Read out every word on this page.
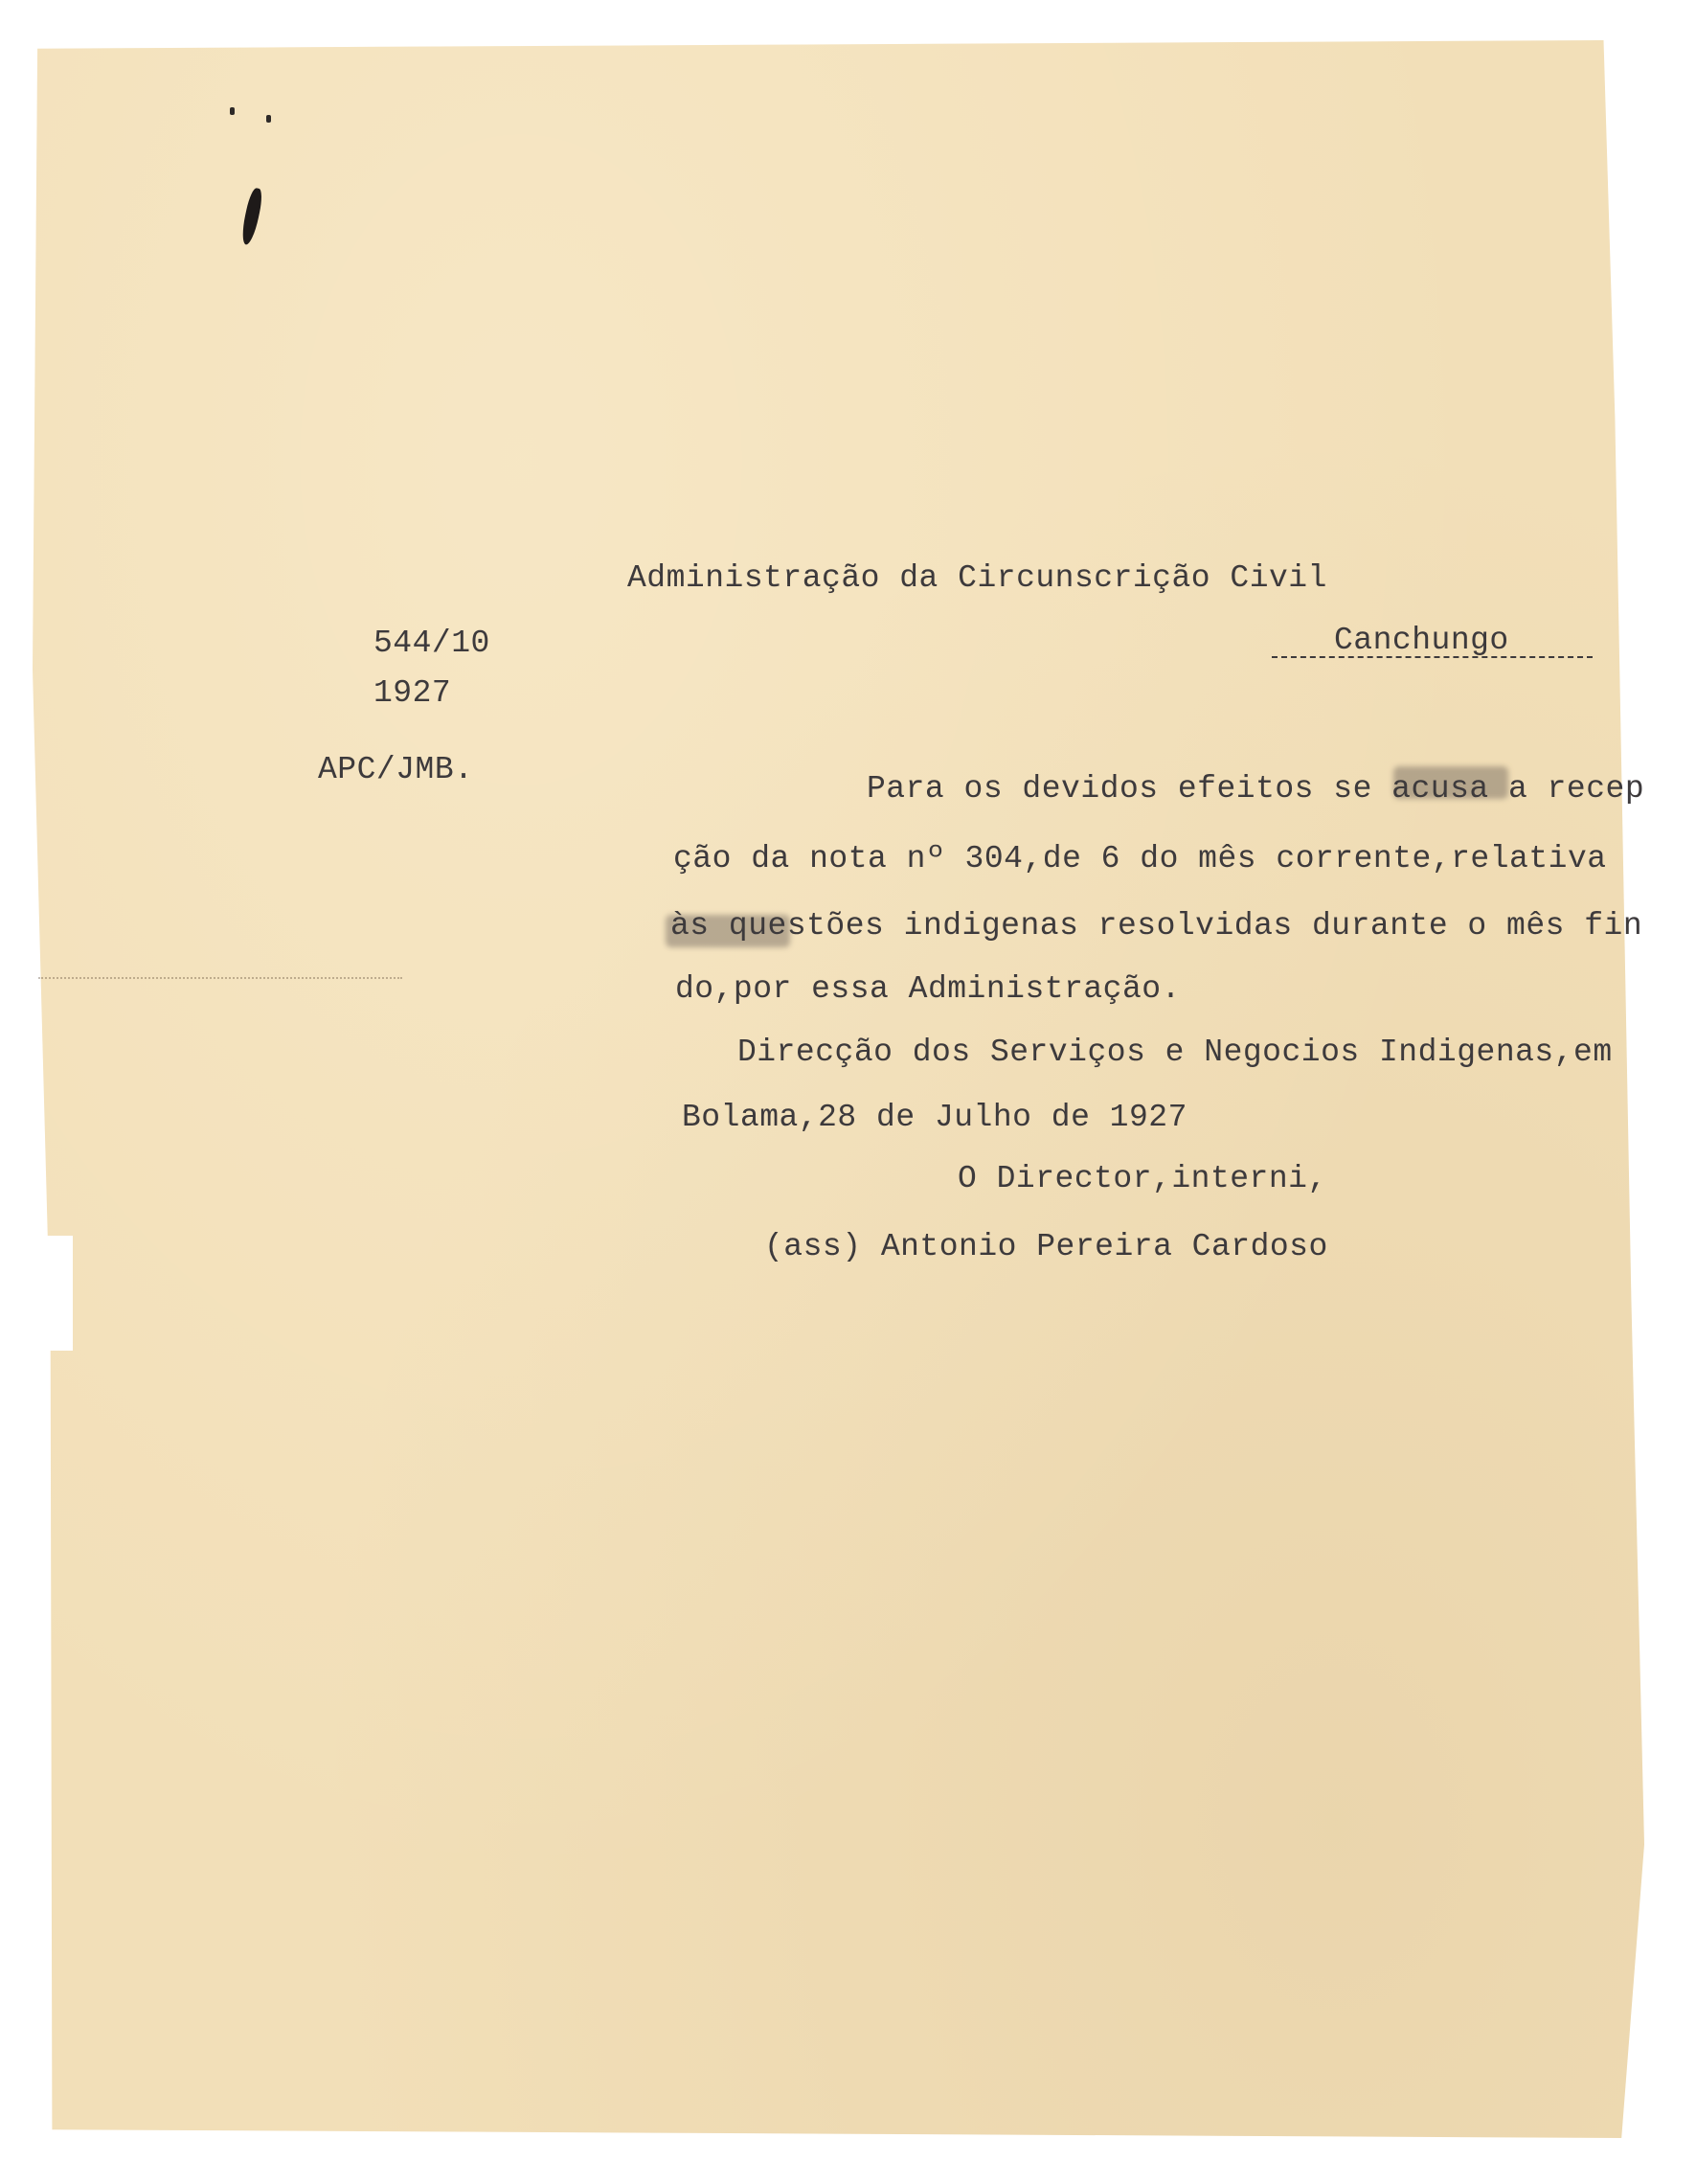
Administração da Circunscrição Civil
Canchungo
544/10
1927
APC/JMB.
Para os devidos efeitos se acusa a recep
ção da nota nº 304,de 6 do mês corrente,relativa
às questões indigenas resolvidas durante o mês fin
do,por essa Administração.
Direcção dos Serviços e Negocios Indigenas,em
Bolama,28 de Julho de 1927
O Director,interni,
(ass) Antonio Pereira Cardoso
